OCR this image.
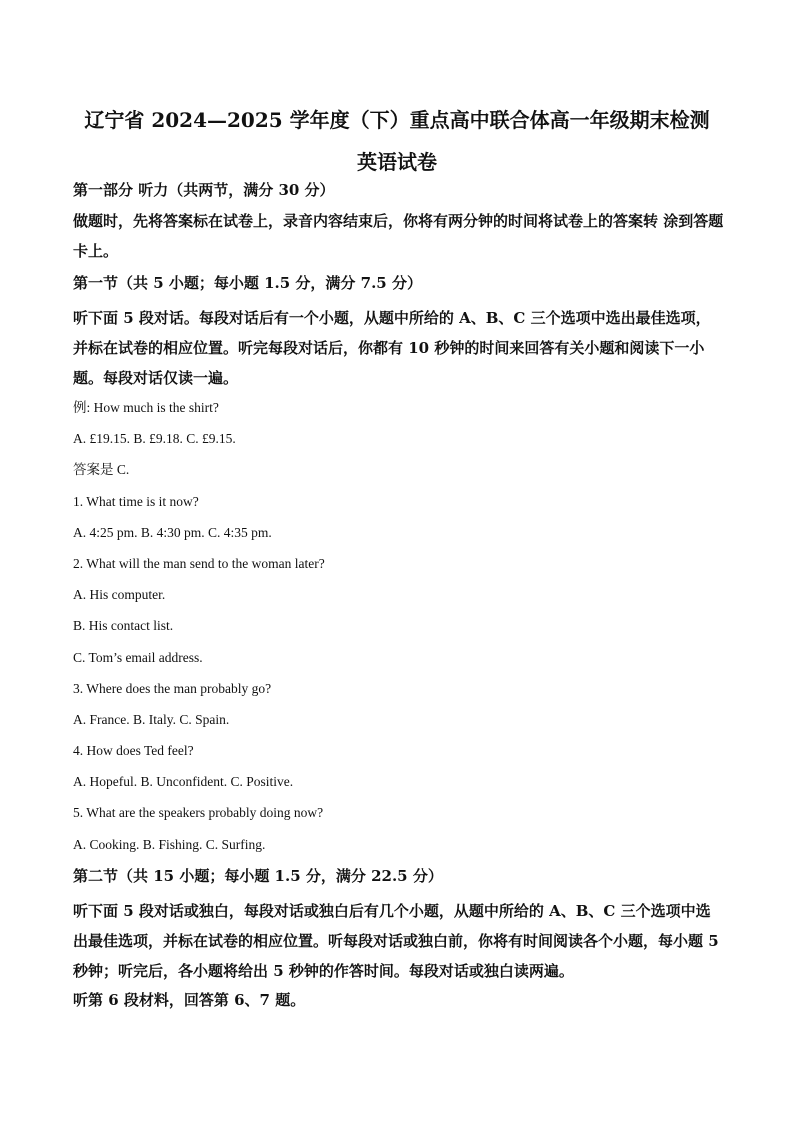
辽宁省 2024—2025 学年度（下）重点高中联合体高一年级期末检测
英语试卷
第一部分 听力（共两节，满分 30 分）
做题时，先将答案标在试卷上，录音内容结束后，你将有两分钟的时间将试卷上的答案转 涂到答题卡上。
第一节（共 5 小题；每小题 1.5 分，满分 7.5 分）
听下面 5 段对话。每段对话后有一个小题，从题中所给的 A、B、C 三个选项中选出最佳选项，并标在试卷的相应位置。听完每段对话后，你都有 10 秒钟的时间来回答有关小题和阅读下一小题。每段对话仅读一遍。
例: How much is the shirt?
A. £19.15. B. £9.18. C. £9.15.
答案是 C.
1. What time is it now?
A. 4:25 pm. B. 4:30 pm. C. 4:35 pm.
2. What will the man send to the woman later?
A. His computer.
B. His contact list.
C. Tom’s email address.
3. Where does the man probably go?
A. France. B. Italy. C. Spain.
4. How does Ted feel?
A. Hopeful. B. Unconfident. C. Positive.
5. What are the speakers probably doing now?
A. Cooking. B. Fishing. C. Surfing.
第二节（共 15 小题；每小题 1.5 分，满分 22.5 分）
听下面 5 段对话或独白，每段对话或独白后有几个小题，从题中所给的 A、B、C 三个选项中选出最佳选项，并标在试卷的相应位置。听每段对话或独白前，你将有时间阅读各个小题，每小题 5 秒钟；听完后，各小题将给出 5 秒钟的作答时间。每段对话或独白读两遍。
听第 6 段材料，回答第 6、7 题。
